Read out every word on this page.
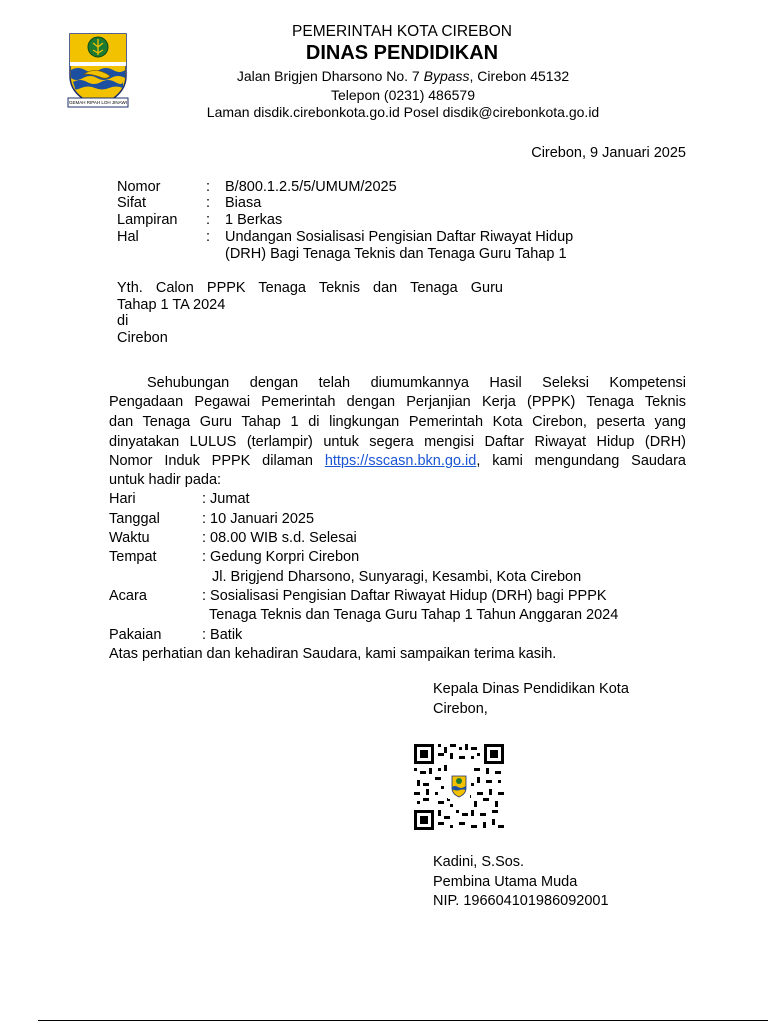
GEMAH RIPAH LOH JINAWI
PEMERINTAH KOTA CIREBON
DINAS PENDIDIKAN
Jalan Brigjen Dharsono No. 7 Bypass, Cirebon 45132
Telepon (0231) 486579
Laman disdik.cirebonkota.go.id Posel disdik@cirebonkota.go.id
Cirebon, 9 Januari 2025
Nomor	: B/800.1.2.5/5/UMUM/2025
Sifat	: Biasa
Lampiran : 1 Berkas
Hal	: Undangan Sosialisasi Pengisian Daftar Riwayat Hidup
(DRH) Bagi Tenaga Teknis dan Tenaga Guru Tahap 1
Yth. Calon PPPK Tenaga Teknis dan Tenaga Guru
Tahap 1 TA 2024
di
Cirebon
Sehubungan dengan telah diumumkannya Hasil Seleksi Kompetensi
Pengadaan Pegawai Pemerintah dengan Perjanjian Kerja (PPPK) Tenaga Teknis
dan Tenaga Guru Tahap 1 di lingkungan Pemerintah Kota Cirebon, peserta yang
dinyatakan LULUS (terlampir) untuk segera mengisi Daftar Riwayat Hidup (DRH)
Nomor Induk PPPK dilaman https://sscasn.bkn.go.id, kami mengundang Saudara
untuk hadir pada:
Hari	: Jumat
Tanggal	: 10 Januari 2025
Waktu	: 08.00 WIB s.d. Selesai
Tempat	: Gedung Korpri Cirebon
Jl. Brigjend Dharsono, Sunyaragi, Kesambi, Kota Cirebon
Acara	: Sosialisasi Pengisian Daftar Riwayat Hidup (DRH) bagi PPPK
Tenaga Teknis dan Tenaga Guru Tahap 1 Tahun Anggaran 2024
Pakaian	: Batik
Atas perhatian dan kehadiran Saudara, kami sampaikan terima kasih.
Kepala Dinas Pendidikan Kota
Cirebon,
Kadini, S.Sos.
Pembina Utama Muda
NIP. 196604101986092001
